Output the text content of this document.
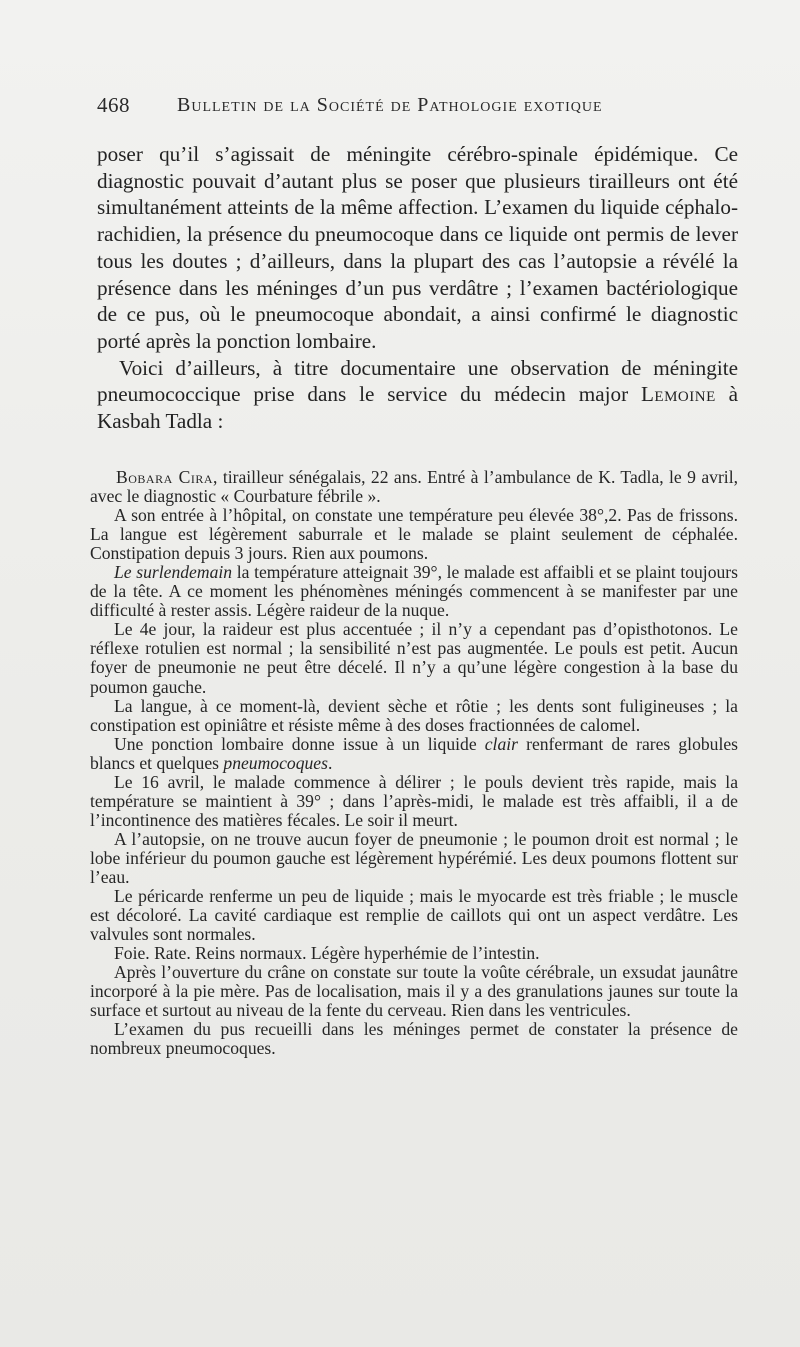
468 Bulletin de la Société de Pathologie exotique

poser qu’il s’agissait de méningite cérébro-spinale épidémique. Ce diagnostic pouvait d’autant plus se poser que plusieurs tirailleurs ont été simultanément atteints de la même affection. L’examen du liquide céphalo-rachidien, la présence du pneumocoque dans ce liquide ont permis de lever tous les doutes ; d’ailleurs, dans la plupart des cas l’autopsie a révélé la présence dans les méninges d’un pus verdâtre ; l’examen bactériologique de ce pus, où le pneumocoque abondait, a ainsi confirmé le diagnostic porté après la ponction lombaire.

Voici d’ailleurs, à titre documentaire une observation de méningite pneumococcique prise dans le service du médecin major Lemoine à Kasbah Tadla :

Bobara Cira, tirailleur sénégalais, 22 ans. Entré à l’ambulance de K. Tadla, le 9 avril, avec le diagnostic « Courbature fébrile ».

A son entrée à l’hôpital, on constate une température peu élevée 38°,2. Pas de frissons. La langue est légèrement saburrale et le malade se plaint seulement de céphalée. Constipation depuis 3 jours. Rien aux poumons.

Le surlendemain la température atteignait 39°, le malade est affaibli et se plaint toujours de la tête. A ce moment les phénomènes méningés commencent à se manifester par une difficulté à rester assis. Légère raideur de la nuque.

Le 4e jour, la raideur est plus accentuée ; il n’y a cependant pas d’opisthotonos. Le réflexe rotulien est normal ; la sensibilité n’est pas augmentée. Le pouls est petit. Aucun foyer de pneumonie ne peut être décelé. Il n’y a qu’une légère congestion à la base du poumon gauche.

La langue, à ce moment-là, devient sèche et rôtie ; les dents sont fuligineuses ; la constipation est opiniâtre et résiste même à des doses fractionnées de calomel.

Une ponction lombaire donne issue à un liquide clair renfermant de rares globules blancs et quelques pneumocoques.

Le 16 avril, le malade commence à délirer ; le pouls devient très rapide, mais la température se maintient à 39° ; dans l’après-midi, le malade est très affaibli, il a de l’incontinence des matières fécales. Le soir il meurt.

A l’autopsie, on ne trouve aucun foyer de pneumonie ; le poumon droit est normal ; le lobe inférieur du poumon gauche est légèrement hypérémié. Les deux poumons flottent sur l’eau.

Le péricarde renferme un peu de liquide ; mais le myocarde est très friable ; le muscle est décoloré. La cavité cardiaque est remplie de caillots qui ont un aspect verdâtre. Les valvules sont normales.

Foie. Rate. Reins normaux. Légère hyperhémie de l’intestin.

Après l’ouverture du crâne on constate sur toute la voûte cérébrale, un exsudat jaunâtre incorporé à la pie mère. Pas de localisation, mais il y a des granulations jaunes sur toute la surface et surtout au niveau de la fente du cerveau. Rien dans les ventricules.

L’examen du pus recueilli dans les méninges permet de constater la présence de nombreux pneumocoques.
